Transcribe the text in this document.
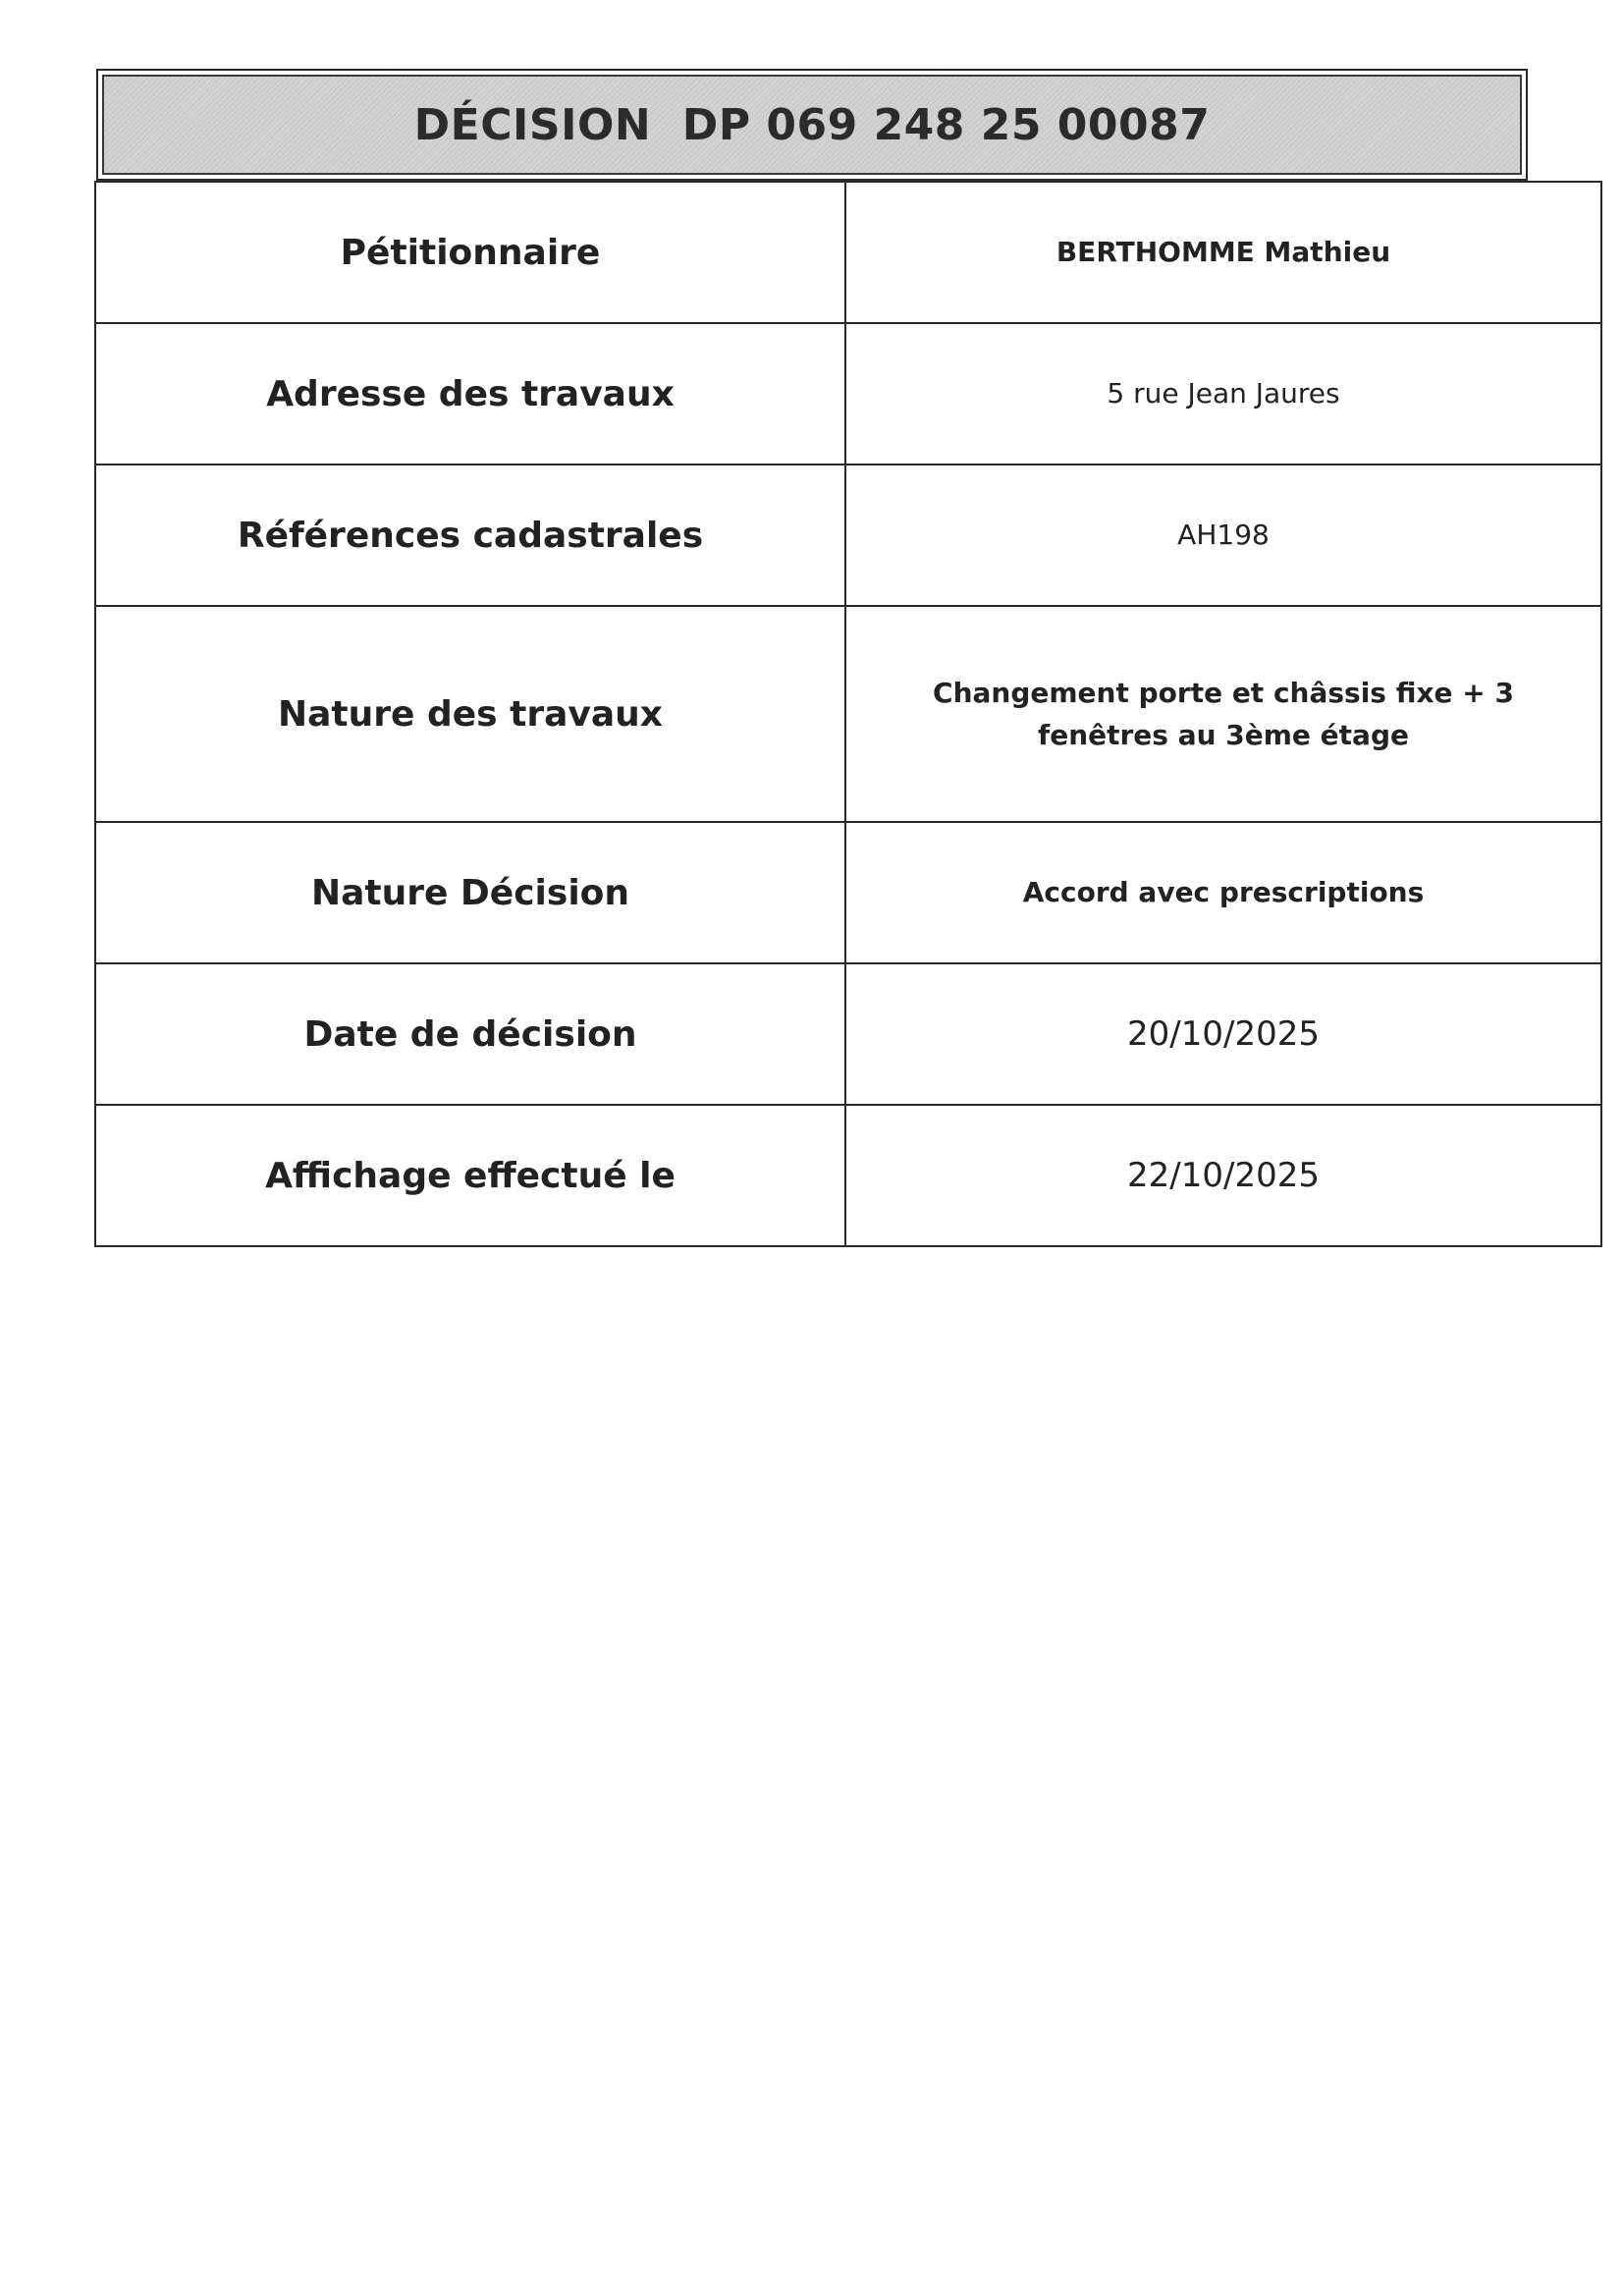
DÉCISION  DP 069 248 25 00087
Pétitionnaire	BERTHOMME Mathieu
Adresse des travaux	5 rue Jean Jaures
Références cadastrales	AH198
Nature des travaux	Changement porte et châssis fixe + 3 fenêtres au 3ème étage
Nature Décision	Accord avec prescriptions
Date de décision	20/10/2025
Affichage effectué le	22/10/2025
